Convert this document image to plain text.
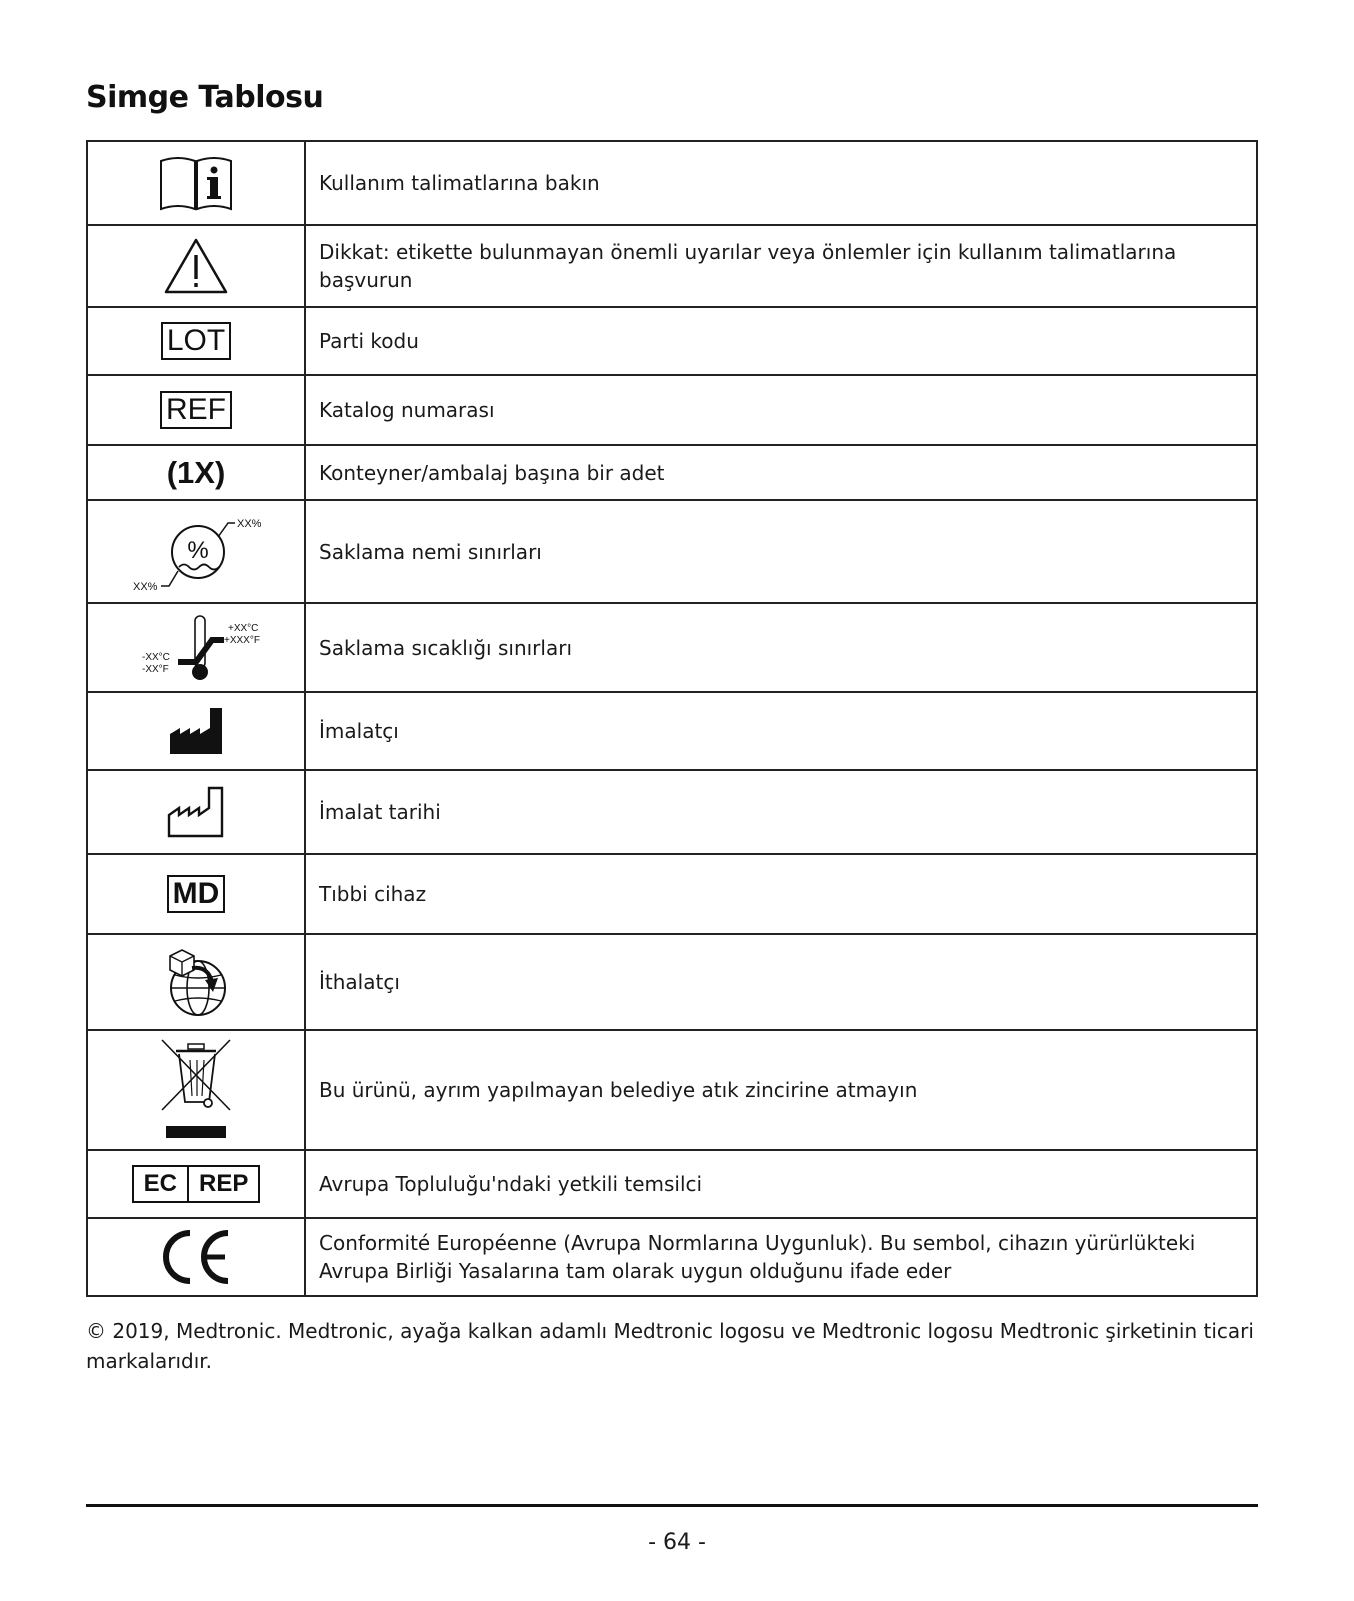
Simge Tablosu
	Kullanım talimatlarına bakın

	Dikkat: etikette bulunmayan önemli uyarılar veya önlemler için kullanım talimatlarına başvurun
LOT	Parti kodu
REF	Katalog numarası
(1X)	Konteyner/ambalaj başına bir adet

%
XX%
XX%	Saklama nemi sınırları

+XX°C
+XXX°F
-XX°C
-XX°F	Saklama sıcaklığı sınırları

	İmalatçı

	İmalat tarihi
MD	Tıbbi cihaz

	İthalatçı

	Bu ürünü, ayrım yapılmayan belediye atık zincirine atmayın

EC REP	Avrupa Topluluğu'ndaki yetkili temsilci

	Conformité Européenne (Avrupa Normlarına Uygunluk). Bu sembol, cihazın yürürlükteki Avrupa Birliği Yasalarına tam olarak uygun olduğunu ifade eder

© 2019, Medtronic. Medtronic, ayağa kalkan adamlı Medtronic logosu ve Medtronic logosu Medtronic şirketinin ticari markalarıdır.

- 64 -
